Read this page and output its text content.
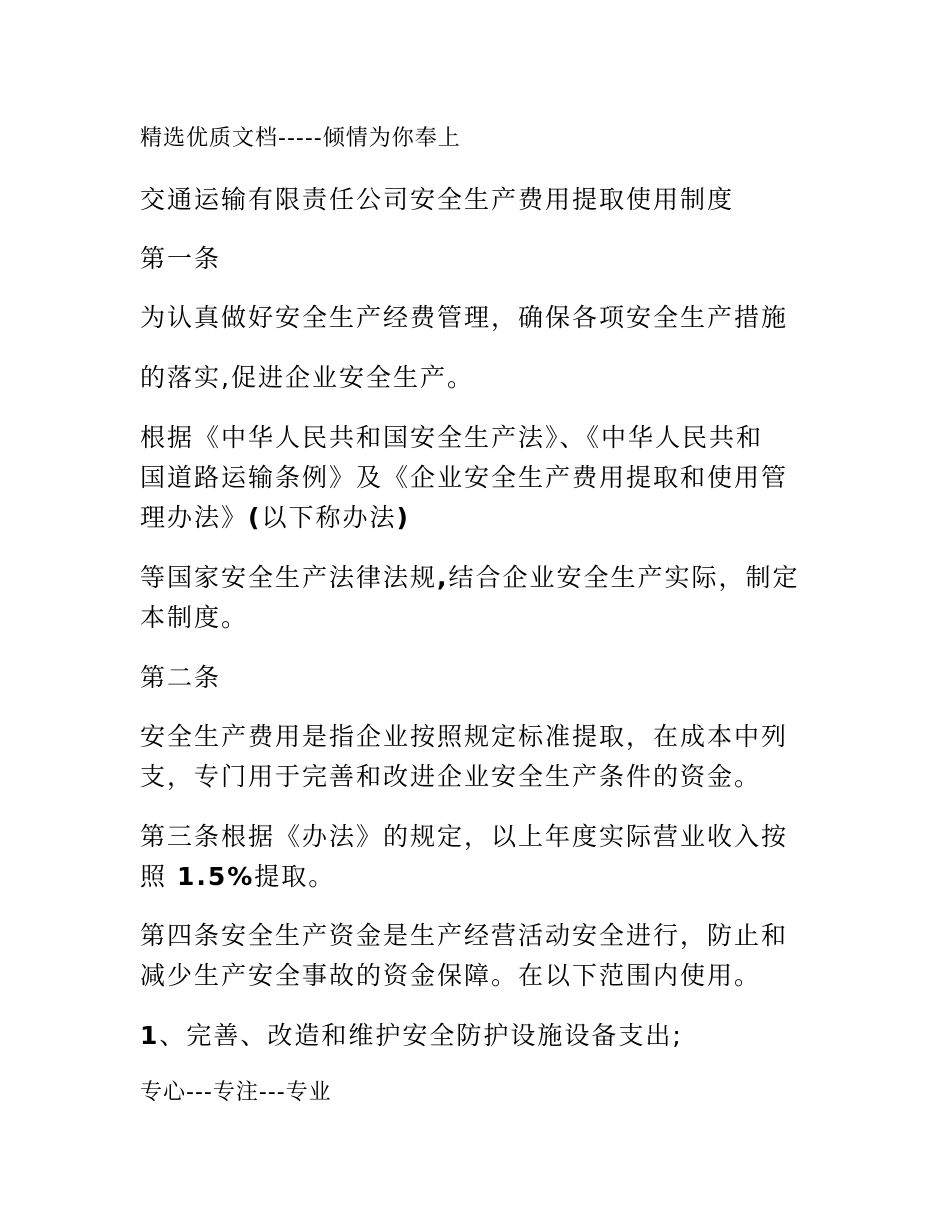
精选优质文档-----倾情为你奉上
交通运输有限责任公司安全生产费用提取使用制度
第一条
为认真做好安全生产经费管理，确保各项安全生产措施
的落实,促进企业安全生产。
根据《中华人民共和国安全生产法》、《中华人民共和
国道路运输条例》及《企业安全生产费用提取和使用管
理办法》(以下称办法)
等国家安全生产法律法规,结合企业安全生产实际，制定
本制度。
第二条
安全生产费用是指企业按照规定标准提取，在成本中列
支，专门用于完善和改进企业安全生产条件的资金。
第三条根据《办法》的规定，以上年度实际营业收入按
照 1.5%提取。
第四条安全生产资金是生产经营活动安全进行，防止和
减少生产安全事故的资金保障。在以下范围内使用。
1、完善、改造和维护安全防护设施设备支出;
专心---专注---专业
